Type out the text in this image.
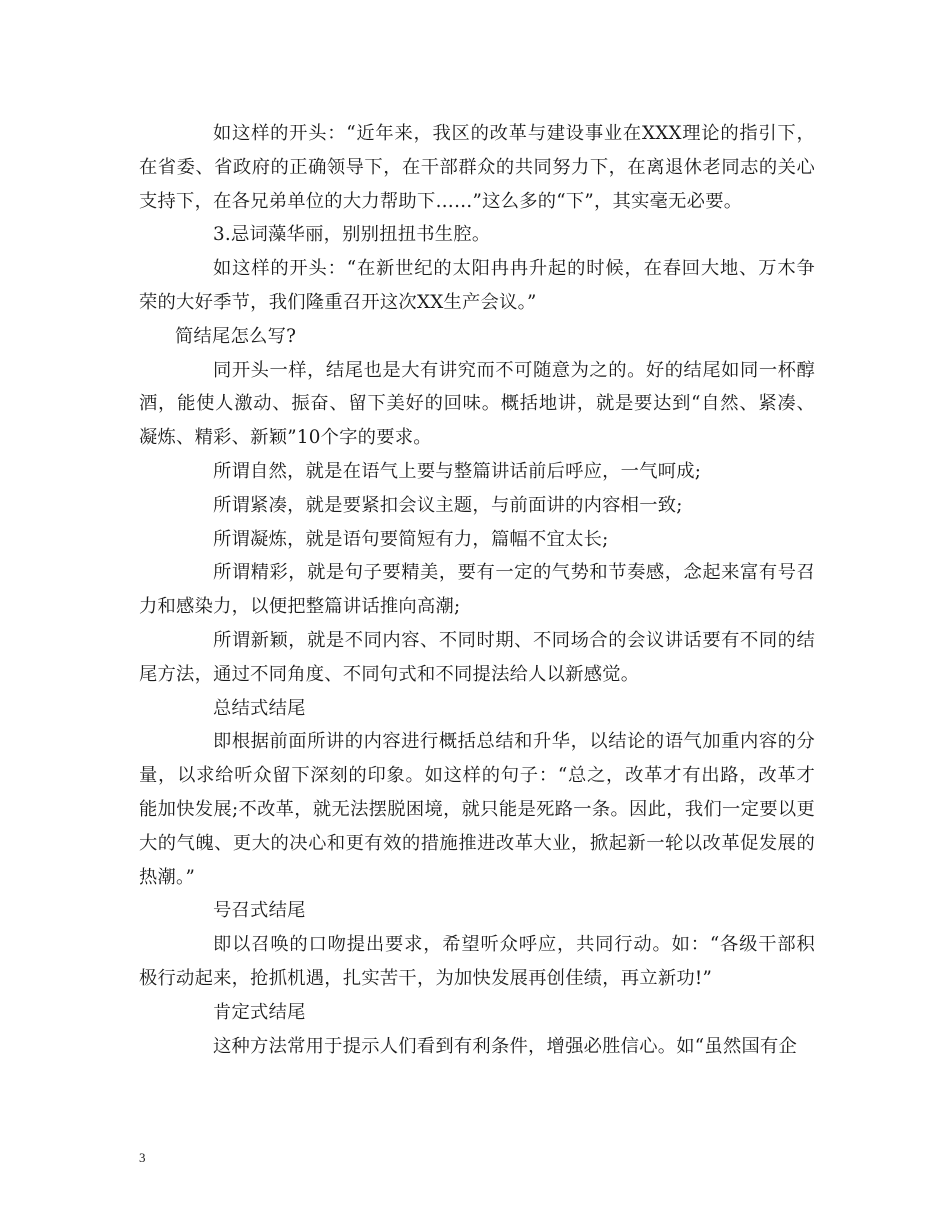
如这样的开头：“近年来，我区的改革与建设事业在XXX理论的指引下，在省委、省政府的正确领导下，在干部群众的共同努力下，在离退休老同志的关心支持下，在各兄弟单位的大力帮助下……”这么多的“下”，其实毫无必要。

3.忌词藻华丽，别别扭扭书生腔。

如这样的开头：“在新世纪的太阳冉冉升起的时候，在春回大地、万木争荣的大好季节，我们隆重召开这次XX生产会议。”

简结尾怎么写?

同开头一样，结尾也是大有讲究而不可随意为之的。好的结尾如同一杯醇酒，能使人激动、振奋、留下美好的回味。概括地讲，就是要达到“自然、紧凑、凝炼、精彩、新颖”10个字的要求。

所谓自然，就是在语气上要与整篇讲话前后呼应，一气呵成;

所谓紧凑，就是要紧扣会议主题，与前面讲的内容相一致;

所谓凝炼，就是语句要简短有力，篇幅不宜太长;

所谓精彩，就是句子要精美，要有一定的气势和节奏感，念起来富有号召力和感染力，以便把整篇讲话推向高潮;

所谓新颖，就是不同内容、不同时期、不同场合的会议讲话要有不同的结尾方法，通过不同角度、不同句式和不同提法给人以新感觉。

总结式结尾

即根据前面所讲的内容进行概括总结和升华，以结论的语气加重内容的分量，以求给听众留下深刻的印象。如这样的句子：“总之，改革才有出路，改革才能加快发展;不改革，就无法摆脱困境，就只能是死路一条。因此，我们一定要以更大的气魄、更大的决心和更有效的措施推进改革大业，掀起新一轮以改革促发展的热潮。”

号召式结尾

即以召唤的口吻提出要求，希望听众呼应，共同行动。如：“各级干部积极行动起来，抢抓机遇，扎实苦干，为加快发展再创佳绩，再立新功!”

肯定式结尾

这种方法常用于提示人们看到有利条件，增强必胜信心。如“虽然国有企

3
